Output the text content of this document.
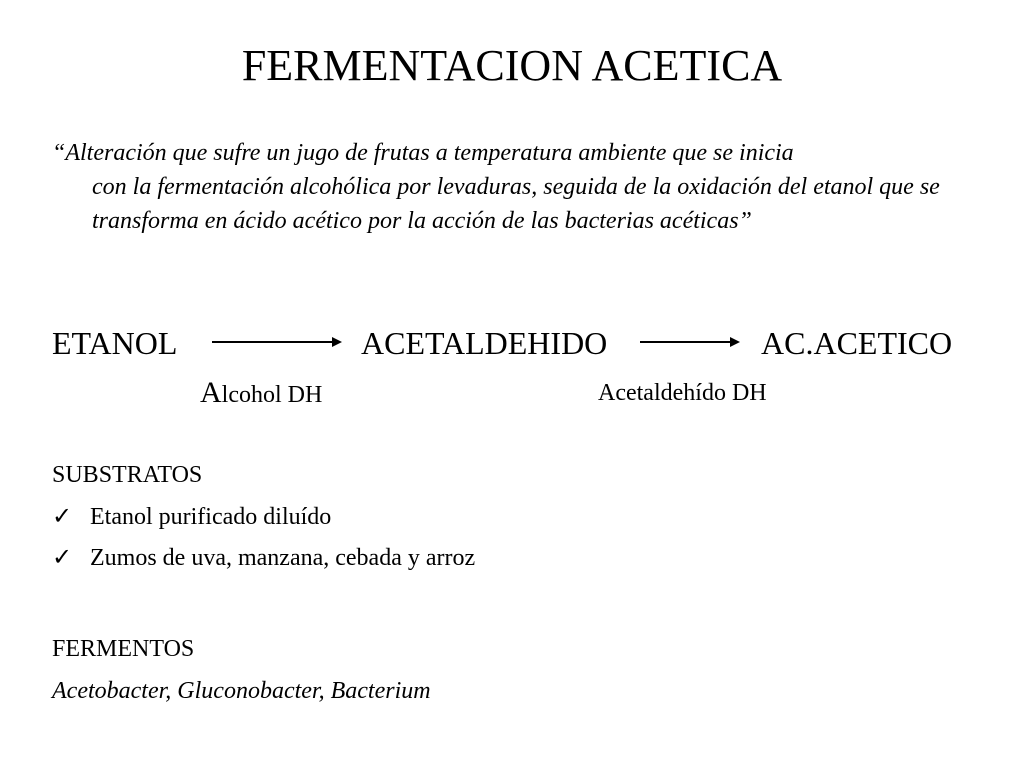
FERMENTACION ACETICA
“Alteración que sufre un jugo de frutas a temperatura ambiente que se inicia
con la fermentación alcohólica por levaduras, seguida de la oxidación del etanol que se transforma en ácido acético por la acción de las bacterias acéticas”
ETANOL	ACETALDEHIDO	AC.ACETICO
Alcohol DH	Acetaldehído DH
SUBSTRATOS
✓ Etanol purificado diluído
✓ Zumos de uva, manzana, cebada y arroz
FERMENTOS
Acetobacter, Gluconobacter, Bacterium
